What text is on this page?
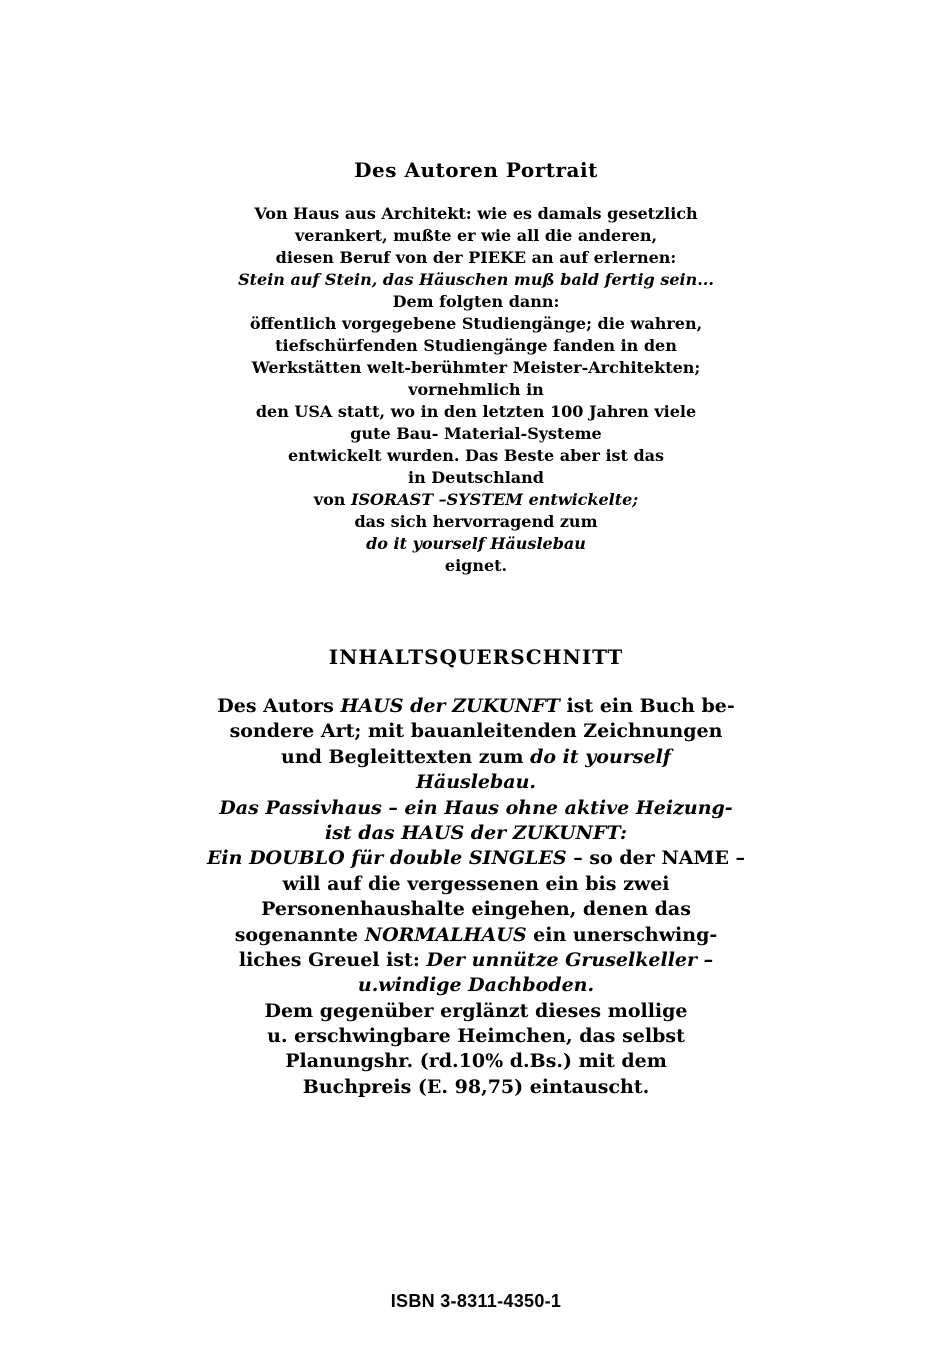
Des Autoren Portrait
Von Haus aus Architekt: wie es damals gesetzlich
verankert, mußte er wie all die anderen,
diesen Beruf von der PIEKE an auf erlernen:
Stein auf Stein, das Häuschen muß bald fertig sein...
Dem folgten dann:
öffentlich vorgegebene Studiengänge; die wahren,
tiefschürfenden Studiengänge fanden in den
Werkstätten welt-berühmter Meister-Architekten;
vornehmlich in
den USA statt, wo in den letzten 100 Jahren viele
gute Bau- Material-Systeme
entwickelt wurden. Das Beste aber ist das
in Deutschland
von ISORAST –SYSTEM entwickelte;
das sich hervorragend zum
do it yourself Häuslebau
eignet.
INHALTSQUERSCHNITT
Des Autors HAUS der ZUKUNFT ist ein Buch be-
sondere Art; mit bauanleitenden Zeichnungen
und Begleittexten zum do it yourself
Häuslebau.
Das Passivhaus – ein Haus ohne aktive Heizung-
ist das HAUS der ZUKUNFT:
Ein DOUBLO für double SINGLES – so der NAME –
will auf die vergessenen ein bis zwei
Personenhaushalte eingehen, denen das
sogenannte NORMALHAUS ein unerschwing-
liches Greuel ist: Der unnütze Gruselkeller –
u.windige Dachboden.
Dem gegenüber erglänzt dieses mollige
u. erschwingbare Heimchen, das selbst
Planungshr. (rd.10% d.Bs.) mit dem
Buchpreis (E. 98,75) eintauscht.
ISBN 3-8311-4350-1
